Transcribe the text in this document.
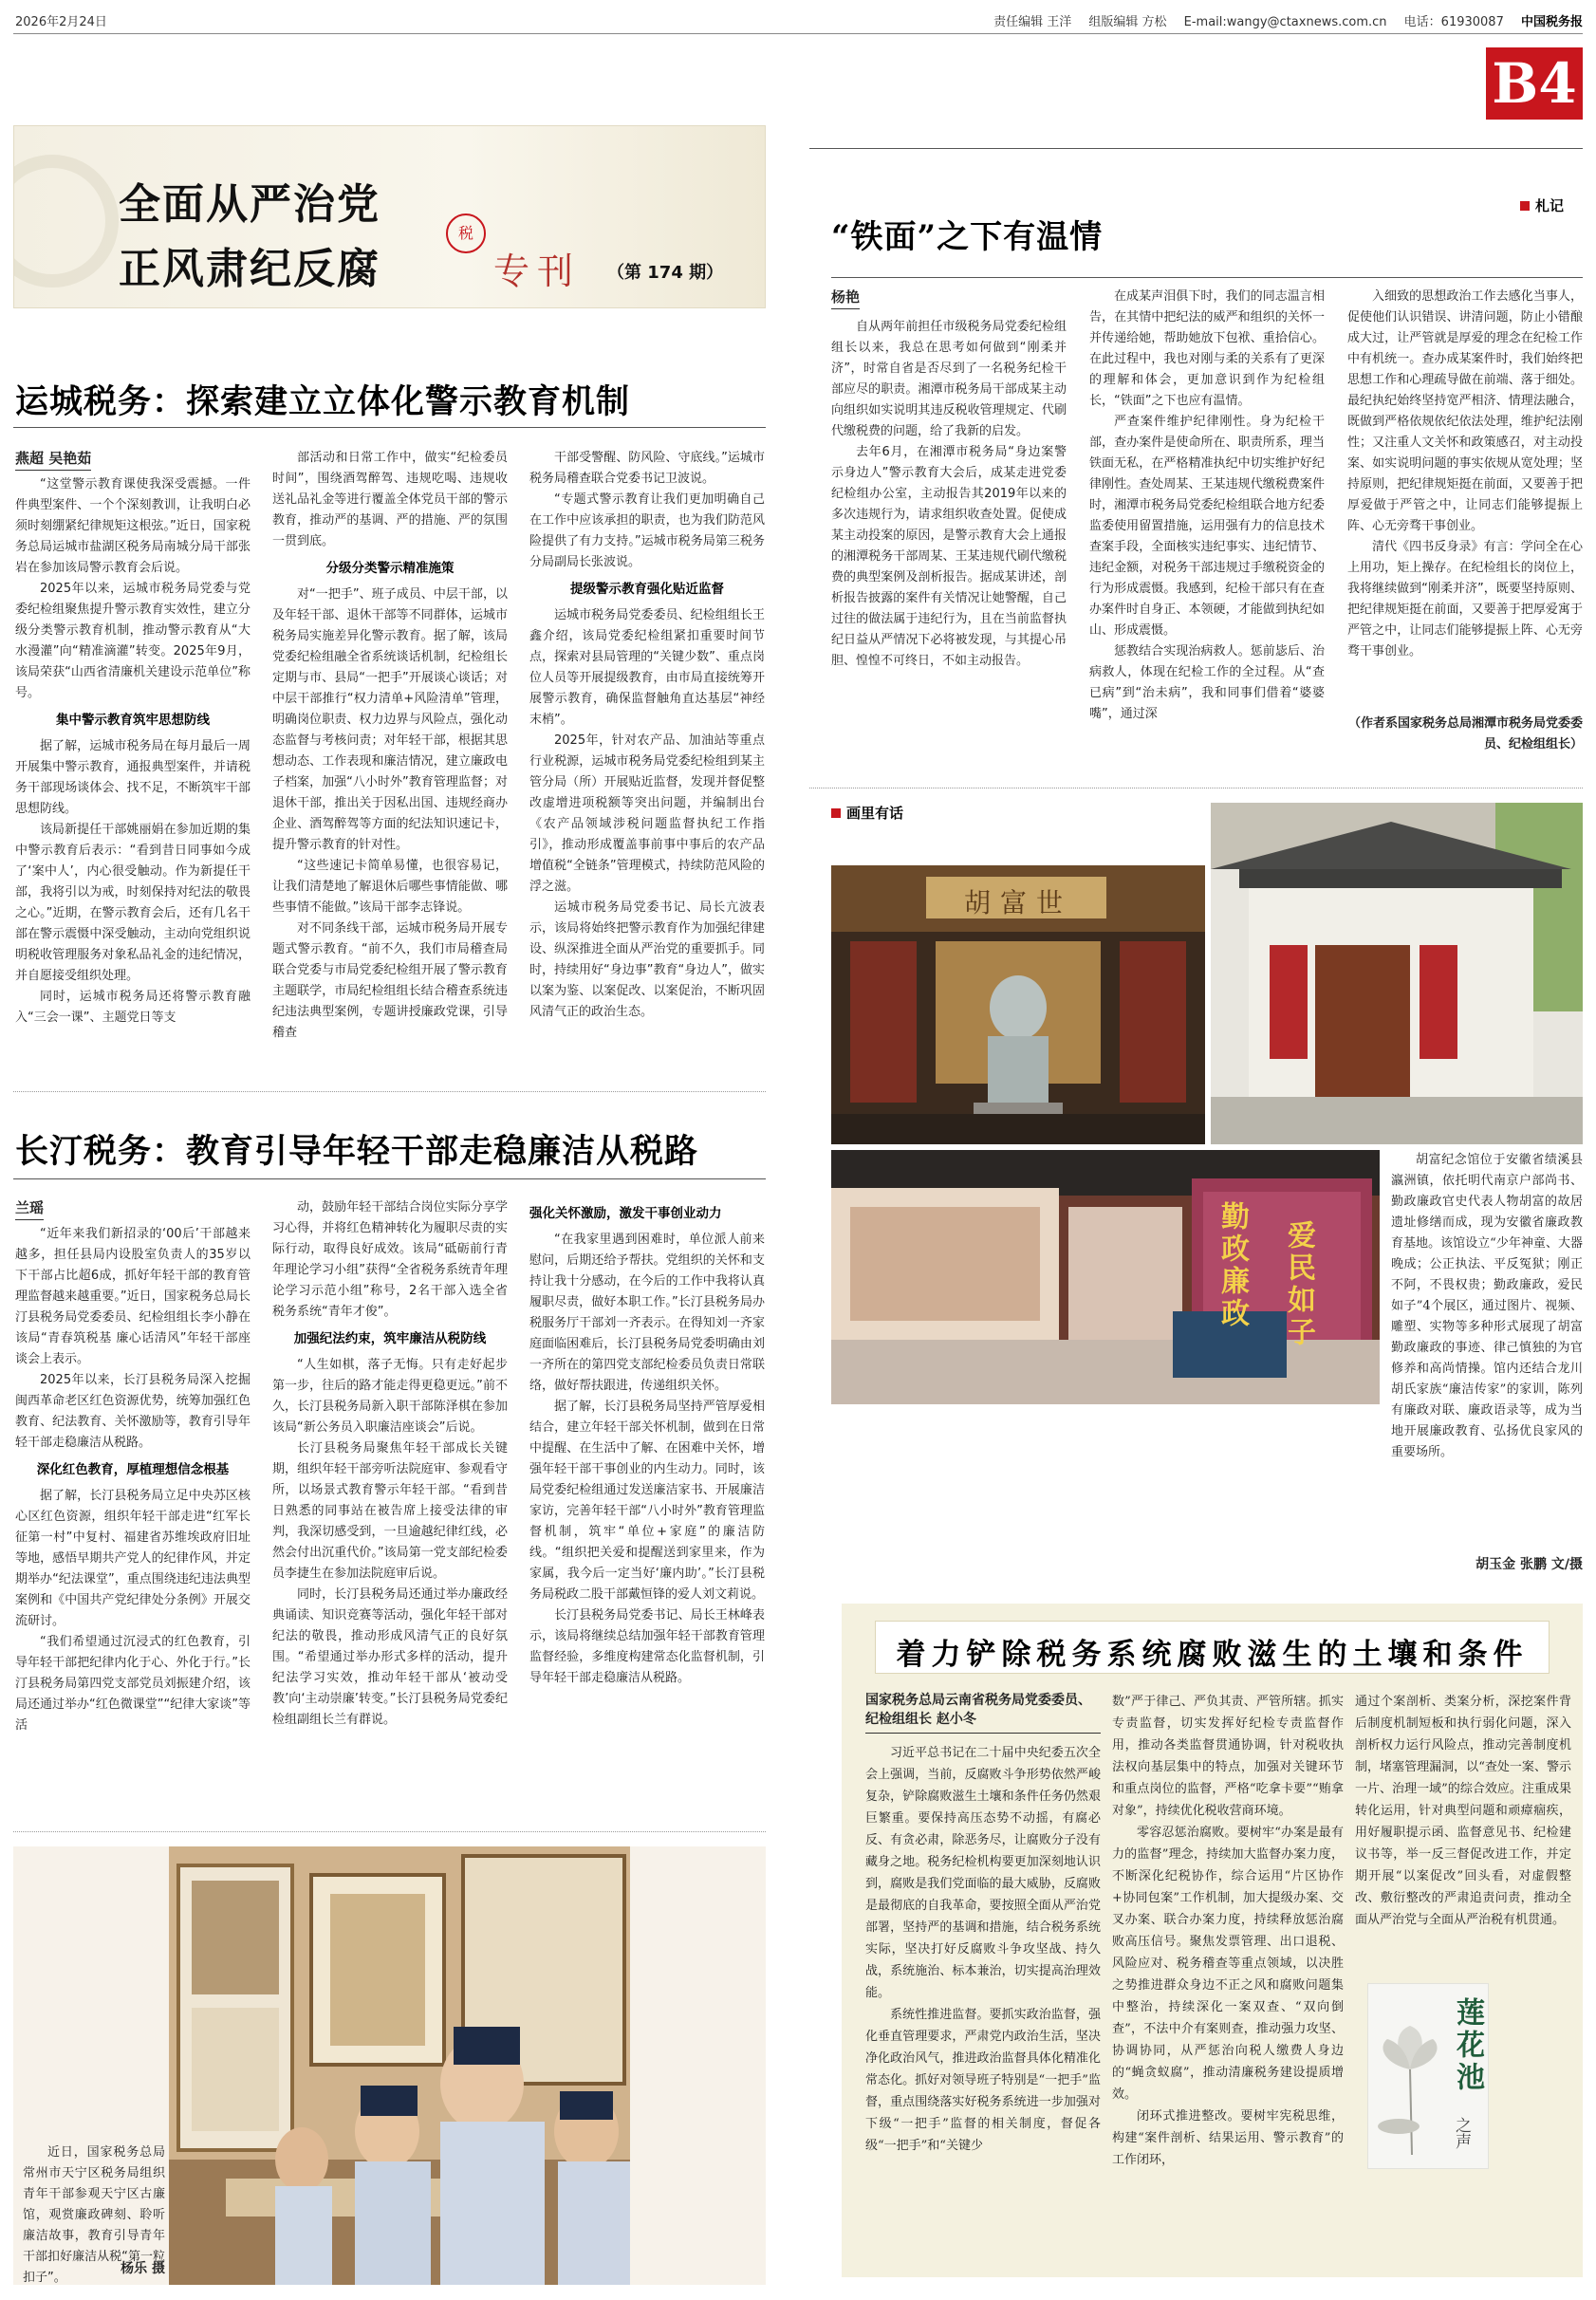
2026年2月24日	责任编辑 王洋 组版编辑 方松 E-mail:wangy@ctaxnews.com.cn 电话：61930087 中国税务报
B4
全面从严治党
正风肃纪反腐
税
专刊 （第 174 期）
运城税务：探索建立立体化警示教育机制
燕超 吴艳茹

“这堂警示教育课使我深受震撼。一件件典型案件、一个个深刻教训，让我明白必须时刻绷紧纪律规矩这根弦。”近日，国家税务总局运城市盐湖区税务局南城分局干部张岩在参加该局警示教育会后说。

2025年以来，运城市税务局党委与党委纪检组聚焦提升警示教育实效性，建立分级分类警示教育机制，推动警示教育从“大水漫灌”向“精准滴灌”转变。2025年9月，该局荣获“山西省清廉机关建设示范单位”称号。

集中警示教育筑牢思想防线

据了解，运城市税务局在每月最后一周开展集中警示教育，通报典型案件，并请税务干部现场谈体会、找不足，不断筑牢干部思想防线。

该局新提任干部姚丽娟在参加近期的集中警示教育后表示：“看到昔日同事如今成了‘案中人’，内心很受触动。作为新提任干部，我将引以为戒，时刻保持对纪法的敬畏之心。”近期，在警示教育会后，还有几名干部在警示震慑中深受触动，主动向党组织说明税收管理服务对象私品礼金的违纪情况，并自愿接受组织处理。

同时，运城市税务局还将警示教育融入“三会一课”、主题党日等支

部活动和日常工作中，做实“纪检委员时间”，围绕酒驾醉驾、违规吃喝、违规收送礼品礼金等进行覆盖全体党员干部的警示教育，推动严的基调、严的措施、严的氛围一贯到底。

分级分类警示精准施策

对“一把手”、班子成员、中层干部，以及年轻干部、退休干部等不同群体，运城市税务局实施差异化警示教育。据了解，该局党委纪检组融全省系统谈话机制，纪检组长定期与市、县局“一把手”开展谈心谈话；对中层干部推行“权力清单+风险清单”管理，明确岗位职责、权力边界与风险点，强化动态监督与考核问责；对年轻干部，根据其思想动态、工作表现和廉洁情况，建立廉政电子档案，加强“八小时外”教育管理监督；对退休干部，推出关于因私出国、违规经商办企业、酒驾醉驾等方面的纪法知识速记卡，提升警示教育的针对性。

“这些速记卡简单易懂，也很容易记，让我们清楚地了解退休后哪些事情能做、哪些事情不能做。”该局干部李志锋说。

对不同条线干部，运城市税务局开展专题式警示教育。“前不久，我们市局稽查局联合党委与市局党委纪检组开展了警示教育主题联学，市局纪检组组长结合稽查系统违纪违法典型案例，专题讲授廉政党课，引导稽查

干部受警醒、防风险、守底线。”运城市税务局稽查联合党委书记卫波说。

“专题式警示教育让我们更加明确自己在工作中应该承担的职责，也为我们防范风险提供了有力支持。”运城市税务局第三税务分局副局长张波说。

提级警示教育强化贴近监督

运城市税务局党委委员、纪检组组长王鑫介绍，该局党委纪检组紧扣重要时间节点，探索对县局管理的“关键少数”、重点岗位人员等开展提级教育，由市局直接统筹开展警示教育，确保监督触角直达基层“神经末梢”。

2025年，针对农产品、加油站等重点行业税源，运城市税务局党委纪检组到某主管分局（所）开展贴近监督，发现并督促整改虚增进项税额等突出问题，并编制出台《农产品领域涉税问题监督执纪工作指引》，推动形成覆盖事前事中事后的农产品增值税“全链条”管理模式，持续防范风险的浮之滋。

运城市税务局党委书记、局长亢波表示，该局将始终把警示教育作为加强纪律建设、纵深推进全面从严治党的重要抓手。同时，持续用好“身边事”教育“身边人”，做实以案为鉴、以案促改、以案促治，不断巩固风清气正的政治生态。

长汀税务：教育引导年轻干部走稳廉洁从税路
兰瑶

“近年来我们新招录的‘00后’干部越来越多，担任县局内设股室负责人的35岁以下干部占比超6成，抓好年轻干部的教育管理监督越来越重要。”近日，国家税务总局长汀县税务局党委委员、纪检组组长李小静在该局“青春筑税基 廉心话清风”年轻干部座谈会上表示。

2025年以来，长汀县税务局深入挖掘闽西革命老区红色资源优势，统筹加强红色教育、纪法教育、关怀激励等，教育引导年轻干部走稳廉洁从税路。

深化红色教育，厚植理想信念根基

据了解，长汀县税务局立足中央苏区核心区红色资源，组织年轻干部走进“红军长征第一村”中复村、福建省苏维埃政府旧址等地，感悟早期共产党人的纪律作风，并定期举办“纪法课堂”，重点围绕违纪违法典型案例和《中国共产党纪律处分条例》开展交流研讨。

“我们希望通过沉浸式的红色教育，引导年轻干部把纪律内化于心、外化于行。”长汀县税务局第四党支部党员刘振建介绍，该局还通过举办“红色微课堂”“纪律大家谈”等活

动，鼓励年轻干部结合岗位实际分享学习心得，并将红色精神转化为履职尽责的实际行动，取得良好成效。该局“砥砺前行青年理论学习小组”获得“全省税务系统青年理论学习示范小组”称号，2名干部入选全省税务系统“青年才俊”。

加强纪法约束，筑牢廉洁从税防线

“人生如棋，落子无悔。只有走好起步第一步，往后的路才能走得更稳更远。”前不久，长汀县税务局新入职干部陈泽棋在参加该局“新公务员入职廉洁座谈会”后说。

长汀县税务局聚焦年轻干部成长关键期，组织年轻干部旁听法院庭审、参观看守所，以场景式教育警示年轻干部。“看到昔日熟悉的同事站在被告席上接受法律的审判，我深切感受到，一旦逾越纪律红线，必然会付出沉重代价。”该局第一党支部纪检委员李捷生在参加法院庭审后说。

同时，长汀县税务局还通过举办廉政经典诵读、知识竞赛等活动，强化年轻干部对纪法的敬畏，推动形成风清气正的良好氛围。“希望通过举办形式多样的活动，提升纪法学习实效，推动年轻干部从‘被动受教’向‘主动崇廉’转变。”长汀县税务局党委纪检组副组长兰有群说。

强化关怀激励，激发干事创业动力

“在我家里遇到困难时，单位派人前来慰问，后期还给予帮扶。党组织的关怀和支持让我十分感动，在今后的工作中我将认真履职尽责，做好本职工作。”长汀县税务局办税服务厅干部刘一齐表示。在得知刘一齐家庭面临困难后，长汀县税务局党委明确由刘一齐所在的第四党支部纪检委员负责日常联络，做好帮扶跟进，传递组织关怀。

据了解，长汀县税务局坚持严管厚爱相结合，建立年轻干部关怀机制，做到在日常中提醒、在生活中了解、在困难中关怀，增强年轻干部干事创业的内生动力。同时，该局党委纪检组通过发送廉洁家书、开展廉洁家访，完善年轻干部“八小时外”教育管理监督机制，筑牢“单位+家庭”的廉洁防线。“组织把关爱和提醒送到家里来，作为家属，我今后一定当好‘廉内助’。”长汀县税务局税政二股干部戴恒锋的爱人刘文莉说。

长汀县税务局党委书记、局长王林峰表示，该局将继续总结加强年轻干部教育管理监督经验，多维度构建常态化监督机制，引导年轻干部走稳廉洁从税路。

近日，国家税务总局常州市天宁区税务局组织青年干部参观天宁区古廉馆，观赏廉政碑刻、聆听廉洁故事，教育引导青年干部扣好廉洁从税“第一粒扣子”。
杨乐 摄
札记
“铁面”之下有温情
杨艳

自从两年前担任市级税务局党委纪检组组长以来，我总在思考如何做到“刚柔并济”，时常自省是否尽到了一名税务纪检干部应尽的职责。湘潭市税务局干部成某主动向组织如实说明其违反税收管理规定、代刷代缴税费的问题，给了我新的启发。

去年6月，在湘潭市税务局“身边案警示身边人”警示教育大会后，成某走进党委纪检组办公室，主动报告其2019年以来的多次违规行为，请求组织收查处置。促使成某主动投案的原因，是警示教育大会上通报的湘潭税务干部周某、王某违规代刷代缴税费的典型案例及剖析报告。据成某讲述，剖析报告披露的案件有关情况让她警醒，自己过往的做法属于违纪行为，且在当前监督执纪日益从严情况下必将被发现，与其提心吊胆、惶惶不可终日，不如主动报告。

在成某声泪俱下时，我们的同志温言相告，在其情中把纪法的威严和组织的关怀一并传递给她，帮助她放下包袱、重拾信心。在此过程中，我也对刚与柔的关系有了更深的理解和体会，更加意识到作为纪检组长，“铁面”之下也应有温情。

严查案件维护纪律刚性。身为纪检干部，查办案件是使命所在、职责所系，理当铁面无私，在严格精准执纪中切实维护好纪律刚性。查处周某、王某违规代缴税费案件时，湘潭市税务局党委纪检组联合地方纪委监委使用留置措施，运用强有力的信息技术查案手段，全面核实违纪事实、违纪情节、违纪金额，对税务干部违规过手缴税资金的行为形成震慑。我感到，纪检干部只有在查办案件时自身正、本领硬，才能做到执纪如山、形成震慑。

惩教结合实现治病救人。惩前毖后、治病救人，体现在纪检工作的全过程。从“查已病”到“治未病”，我和同事们借着“婆婆嘴”，通过深

入细致的思想政治工作去感化当事人，促使他们认识错误、讲清问题，防止小错酿成大过，让严管就是厚爱的理念在纪检工作中有机统一。查办成某案件时，我们始终把思想工作和心理疏导做在前端、落于细处。最纪执纪始终坚持宽严相济、情理法融合，既做到严格依规依纪依法处理，维护纪法刚性；又注重人文关怀和政策感召，对主动投案、如实说明问题的事实依规从宽处理；坚持原则，把纪律规矩挺在前面，又要善于把厚爱做于严管之中，让同志们能够提振上阵、心无旁骛干事创业。

清代《四书反身录》有言：学问全在心上用功，矩上操存。在纪检组长的岗位上，我将继续做到“刚柔并济”，既要坚持原则、把纪律规矩挺在前面，又要善于把厚爱寓于严管之中，让同志们能够提振上阵、心无旁骛干事创业。

（作者系国家税务总局湘潭市税务局党委委员、纪检组组长）
画里有话
胡富世
勤政廉政 爱民如子
胡富纪念馆位于安徽省绩溪县瀛洲镇，依托明代南京户部尚书、勤政廉政官史代表人物胡富的故居遗址修缮而成，现为安徽省廉政教育基地。该馆设立“少年神童、大器晚成；公正执法、平反冤狱；刚正不阿，不畏权贵；勤政廉政，爱民如子”4个展区，通过图片、视频、雕塑、实物等多种形式展现了胡富勤政廉政的事迹、律己慎独的为官修养和高尚情操。馆内还结合龙川胡氏家族“廉洁传家”的家训，陈列有廉政对联、廉政语录等，成为当地开展廉政教育、弘扬优良家风的重要场所。
胡玉金 张鹏 文/摄
着力铲除税务系统腐败滋生的土壤和条件
国家税务总局云南省税务局党委委员、纪检组组长 赵小冬

习近平总书记在二十届中央纪委五次全会上强调，当前，反腐败斗争形势依然严峻复杂，铲除腐败滋生土壤和条件任务仍然艰巨繁重。要保持高压态势不动摇，有腐必反、有贪必肃，除恶务尽，让腐败分子没有藏身之地。税务纪检机构要更加深刻地认识到，腐败是我们党面临的最大威胁，反腐败是最彻底的自我革命，要按照全面从严治党部署，坚持严的基调和措施，结合税务系统实际，坚决打好反腐败斗争攻坚战、持久战，系统施治、标本兼治，切实提高治理效能。

系统性推进监督。要抓实政治监督，强化垂直管理要求，严肃党内政治生活，坚决净化政治风气，推进政治监督具体化精准化常态化。抓好对领导班子特别是“一把手”监督，重点围绕落实好税务系统进一步加强对下级“一把手”监督的相关制度，督促各级“一把手”和“关键少

数”严于律己、严负其责、严管所辖。抓实专责监督，切实发挥好纪检专责监督作用，推动各类监督贯通协调，针对税收执法权向基层集中的特点，加强对关键环节和重点岗位的监督，严格“吃拿卡要”“贿拿对象”，持续优化税收营商环境。

零容忍惩治腐败。要树牢“办案是最有力的监督”理念，持续加大监督办案力度，不断深化纪税协作，综合运用“片区协作+协同包案”工作机制，加大提级办案、交叉办案、联合办案力度，持续释放惩治腐败高压信号。聚焦发票管理、出口退税、风险应对、税务稽查等重点领域，以决胜之势推进群众身边不正之风和腐败问题集中整治，持续深化一案双查、“双向倒查”，不法中介有案则查，推动强力攻坚、协调协同，从严惩治向税人缴费人身边的“蝇贪蚁腐”，推动清廉税务建设提质增效。

闭环式推进整改。要树牢宪税思维，构建“案件剖析、结果运用、警示教育”的工作闭环，

通过个案剖析、类案分析，深挖案件背后制度机制短板和执行弱化问题，深入剖析权力运行风险点，推动完善制度机制，堵塞管理漏洞，以“查处一案、警示一片、治理一域”的综合效应。注重成果转化运用，针对典型问题和顽瘴痼疾，用好履职提示函、监督意见书、纪检建议书等，举一反三督促改进工作，并定期开展“以案促改”回头看，对虚假整改、敷衍整改的严肃追责问责，推动全面从严治党与全面从严治税有机贯通。

莲花池
之声
